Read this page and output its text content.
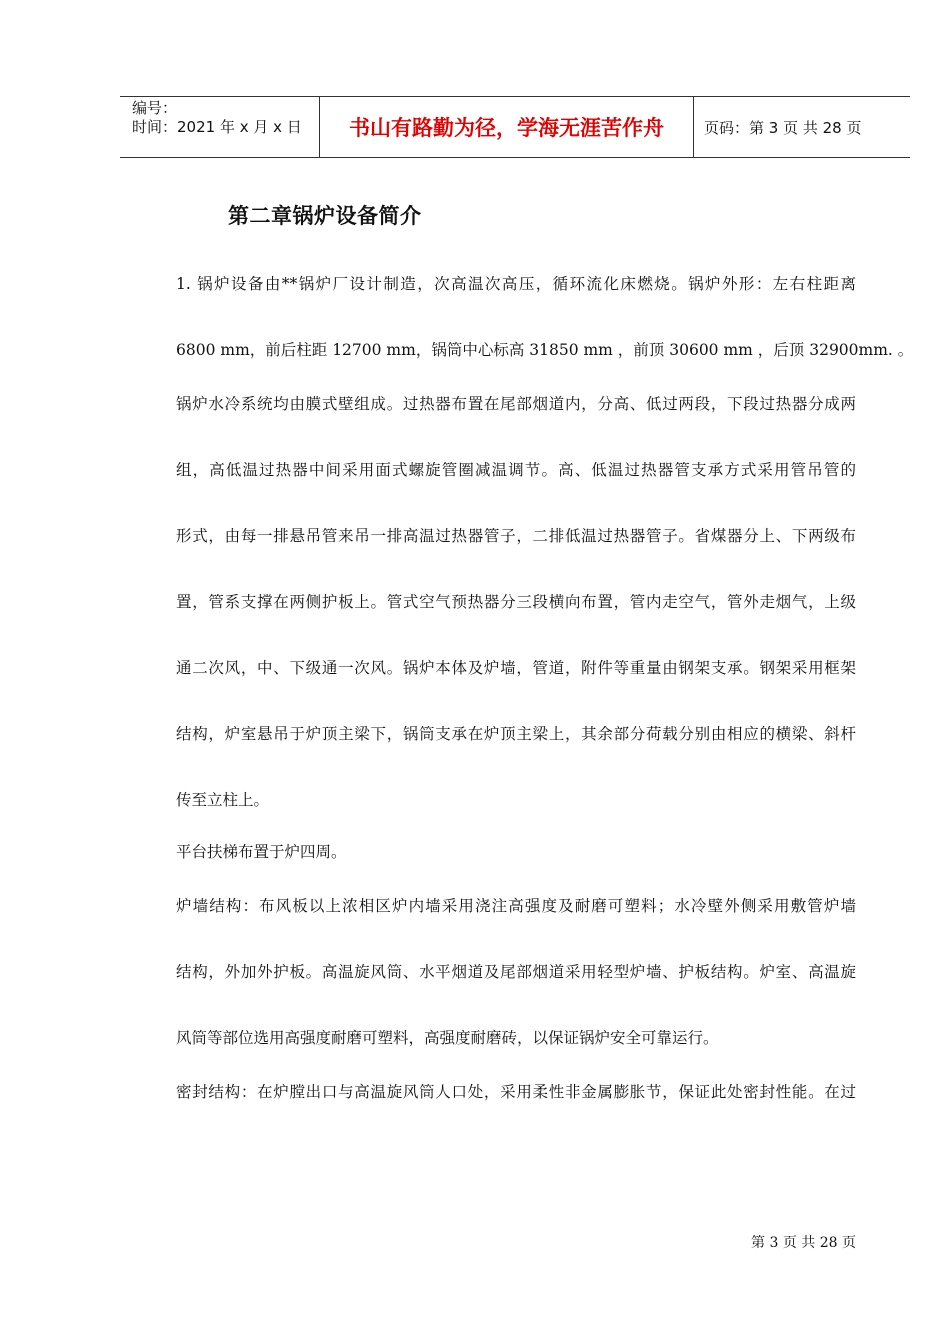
编号：
时间：2021 年 x 月 x 日	书山有路勤为径，学海无涯苦作舟	页码：第 3 页 共 28 页
第二章锅炉设备简介
1. 锅炉设备由**锅炉厂设计制造，次高温次高压，循环流化床燃烧。锅炉外形：左右柱距离
6800 mm，前后柱距 12700 mm，锅筒中心标高 31850 mm ，前顶 30600 mm ，后顶 32900mm. 。
锅炉水冷系统均由膜式壁组成。过热器布置在尾部烟道内，分高、低过两段，下段过热器分成两
组，高低温过热器中间采用面式螺旋管圈减温调节。高、低温过热器管支承方式采用管吊管的
形式，由每一排悬吊管来吊一排高温过热器管子，二排低温过热器管子。省煤器分上、下两级布
置，管系支撑在两侧护板上。管式空气预热器分三段横向布置，管内走空气，管外走烟气，上级
通二次风，中、下级通一次风。锅炉本体及炉墙，管道，附件等重量由钢架支承。钢架采用框架
结构，炉室悬吊于炉顶主梁下，锅筒支承在炉顶主梁上，其余部分荷载分别由相应的横梁、斜杆
传至立柱上。
平台扶梯布置于炉四周。
炉墙结构：布风板以上浓相区炉内墙采用浇注高强度及耐磨可塑料；水冷壁外侧采用敷管炉墙
结构，外加外护板。高温旋风筒、水平烟道及尾部烟道采用轻型炉墙、护板结构。炉室、高温旋
风筒等部位选用高强度耐磨可塑料，高强度耐磨砖，以保证锅炉安全可靠运行。
密封结构：在炉膛出口与高温旋风筒人口处，采用柔性非金属膨胀节，保证此处密封性能。在过
第 3 页 共 28 页
